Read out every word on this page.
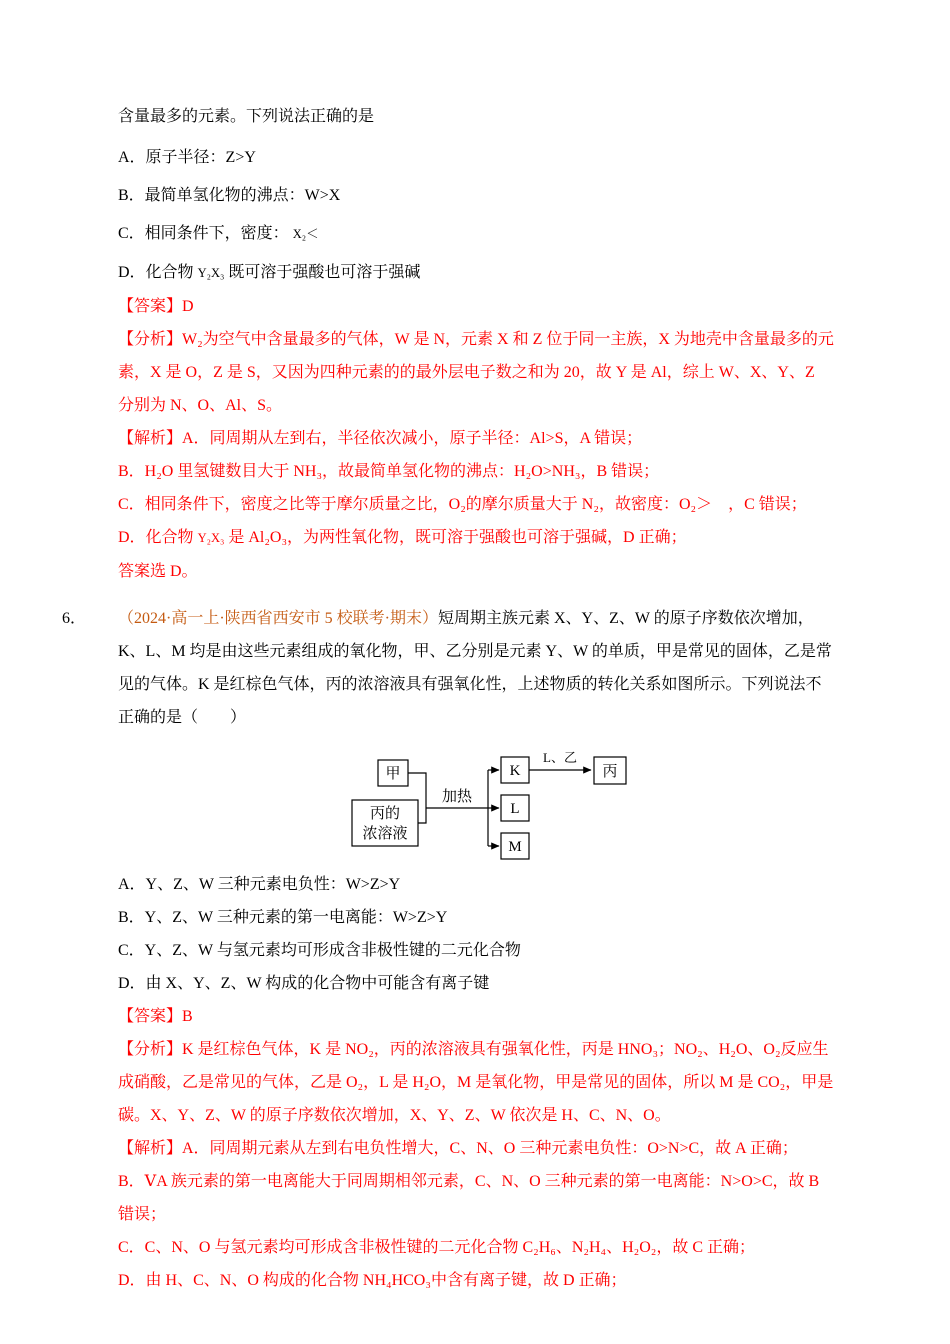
含量最多的元素。下列说法正确的是

A．原子半径：Z>Y

B．最简单氢化物的沸点：W>X

C．相同条件下，密度： X₂＜

D．化合物 Y₂X₃ 既可溶于强酸也可溶于强碱

【答案】D

【分析】W₂为空气中含量最多的气体，W 是 N，元素 X 和 Z 位于同一主族，X 为地壳中含量最多的元素，X 是 O，Z 是 S，又因为四种元素的的最外层电子数之和为 20，故 Y 是 Al，综上 W、X、Y、Z 分别为 N、O、Al、S。

【解析】A．同周期从左到右，半径依次减小，原子半径：Al>S，A 错误；

B．H₂O 里氢键数目大于 NH₃，故最简单氢化物的沸点：H₂O>NH₃，B 错误；

C．相同条件下，密度之比等于摩尔质量之比，O₂的摩尔质量大于 N₂，故密度：O₂＞　，C 错误；

D．化合物 Y₂X₃ 是 Al₂O₃，为两性氧化物，既可溶于强酸也可溶于强碱，D 正确；

答案选 D。

6． （2024·高一上·陕西省西安市 5 校联考·期末）短周期主族元素 X、Y、Z、W 的原子序数依次增加，K、L、M 均是由这些元素组成的氧化物，甲、乙分别是元素 Y、W 的单质，甲是常见的固体，乙是常见的气体。K 是红棕色气体，丙的浓溶液具有强氧化性，上述物质的转化关系如图所示。下列说法不正确的是（　　）

甲
丙的
浓溶液
加热
K
L
M
L、乙
丙

A．Y、Z、W 三种元素电负性：W>Z>Y

B．Y、Z、W 三种元素的第一电离能：W>Z>Y

C．Y、Z、W 与氢元素均可形成含非极性键的二元化合物

D．由 X、Y、Z、W 构成的化合物中可能含有离子键

【答案】B

【分析】K 是红棕色气体，K 是 NO₂，丙的浓溶液具有强氧化性，丙是 HNO₃；NO₂、H₂O、O₂反应生成硝酸，乙是常见的气体，乙是 O₂，L 是 H₂O，M 是氧化物，甲是常见的固体，所以 M 是 CO₂，甲是碳。X、Y、Z、W 的原子序数依次增加，X、Y、Z、W 依次是 H、C、N、O。

【解析】A．同周期元素从左到右电负性增大，C、N、O 三种元素电负性：O>N>C，故 A 正确；

B．ⅤA 族元素的第一电离能大于同周期相邻元素，C、N、O 三种元素的第一电离能：N>O>C，故 B 错误；

C．C、N、O 与氢元素均可形成含非极性键的二元化合物 C₂H₆、N₂H₄、H₂O₂，故 C 正确；

D．由 H、C、N、O 构成的化合物 NH₄HCO₃中含有离子键，故 D 正确；
